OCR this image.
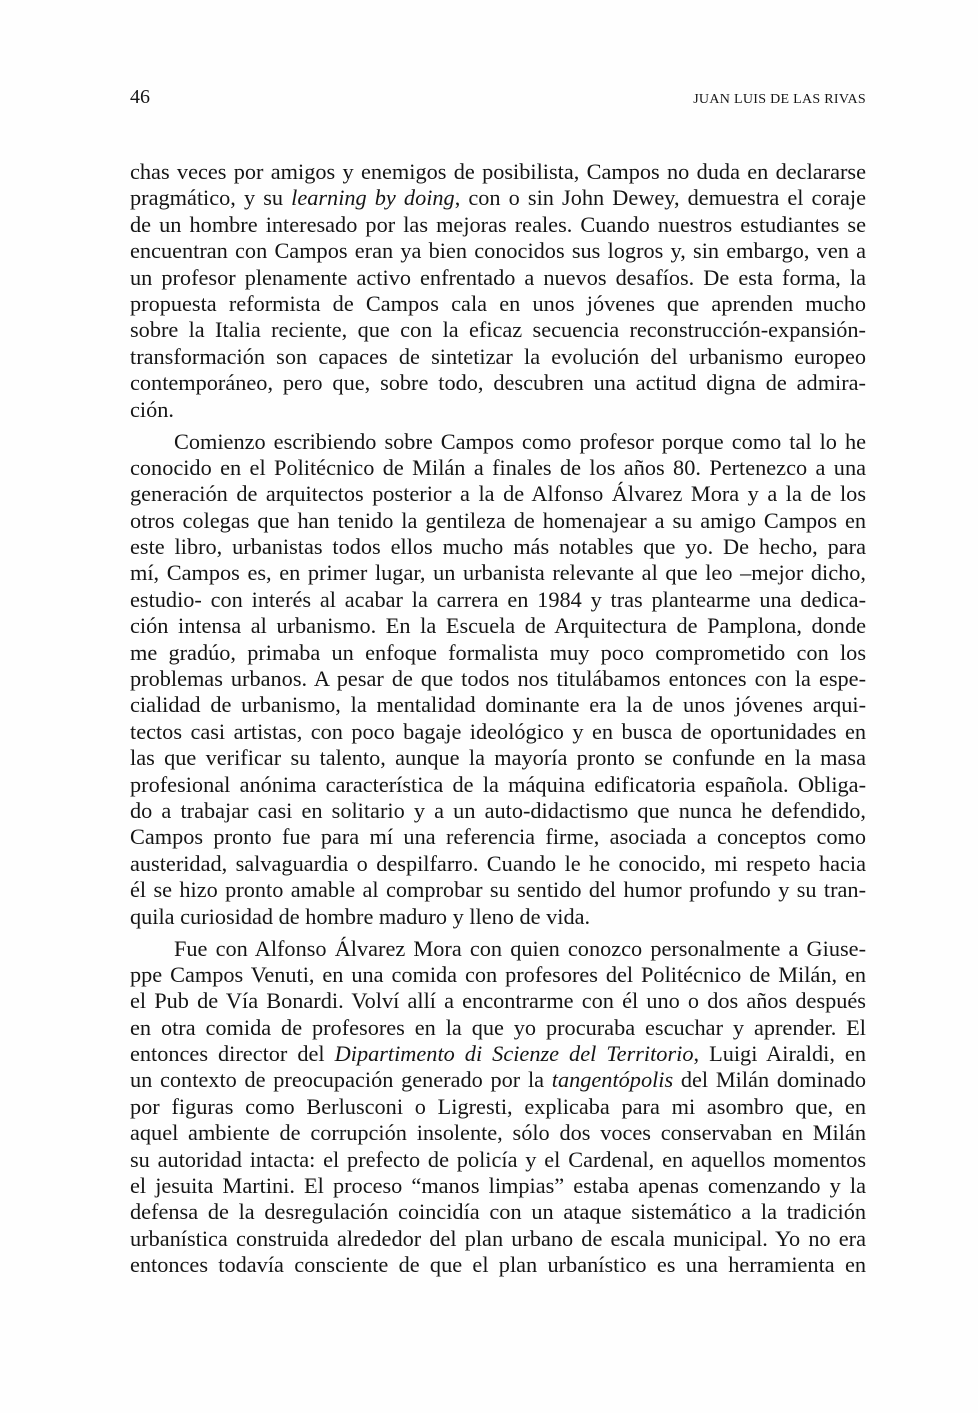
46	JUAN LUIS DE LAS RIVAS
chas veces por amigos y enemigos de posibilista, Campos no duda en declararse
pragmático, y su learning by doing, con o sin John Dewey, demuestra el coraje
de un hombre interesado por las mejoras reales. Cuando nuestros estudiantes se
encuentran con Campos eran ya bien conocidos sus logros y, sin embargo, ven a
un profesor plenamente activo enfrentado a nuevos desafíos. De esta forma, la
propuesta reformista de Campos cala en unos jóvenes que aprenden mucho
sobre la Italia reciente, que con la eficaz secuencia reconstrucción-expansión-
transformación son capaces de sintetizar la evolución del urbanismo europeo
contemporáneo, pero que, sobre todo, descubren una actitud digna de admira-
ción.
Comienzo escribiendo sobre Campos como profesor porque como tal lo he
conocido en el Politécnico de Milán a finales de los años 80. Pertenezco a una
generación de arquitectos posterior a la de Alfonso Álvarez Mora y a la de los
otros colegas que han tenido la gentileza de homenajear a su amigo Campos en
este libro, urbanistas todos ellos mucho más notables que yo. De hecho, para
mí, Campos es, en primer lugar, un urbanista relevante al que leo –mejor dicho,
estudio- con interés al acabar la carrera en 1984 y tras plantearme una dedica-
ción intensa al urbanismo. En la Escuela de Arquitectura de Pamplona, donde
me gradúo, primaba un enfoque formalista muy poco comprometido con los
problemas urbanos. A pesar de que todos nos titulábamos entonces con la espe-
cialidad de urbanismo, la mentalidad dominante era la de unos jóvenes arqui-
tectos casi artistas, con poco bagaje ideológico y en busca de oportunidades en
las que verificar su talento, aunque la mayoría pronto se confunde en la masa
profesional anónima característica de la máquina edificatoria española. Obliga-
do a trabajar casi en solitario y a un auto-didactismo que nunca he defendido,
Campos pronto fue para mí una referencia firme, asociada a conceptos como
austeridad, salvaguardia o despilfarro. Cuando le he conocido, mi respeto hacia
él se hizo pronto amable al comprobar su sentido del humor profundo y su tran-
quila curiosidad de hombre maduro y lleno de vida.
Fue con Alfonso Álvarez Mora con quien conozco personalmente a Giuse-
ppe Campos Venuti, en una comida con profesores del Politécnico de Milán, en
el Pub de Vía Bonardi. Volví allí a encontrarme con él uno o dos años después
en otra comida de profesores en la que yo procuraba escuchar y aprender. El
entonces director del Dipartimento di Scienze del Territorio, Luigi Airaldi, en
un contexto de preocupación generado por la tangentópolis del Milán dominado
por figuras como Berlusconi o Ligresti, explicaba para mi asombro que, en
aquel ambiente de corrupción insolente, sólo dos voces conservaban en Milán
su autoridad intacta: el prefecto de policía y el Cardenal, en aquellos momentos
el jesuita Martini. El proceso “manos limpias” estaba apenas comenzando y la
defensa de la desregulación coincidía con un ataque sistemático a la tradición
urbanística construida alrededor del plan urbano de escala municipal. Yo no era
entonces todavía consciente de que el plan urbanístico es una herramienta en
